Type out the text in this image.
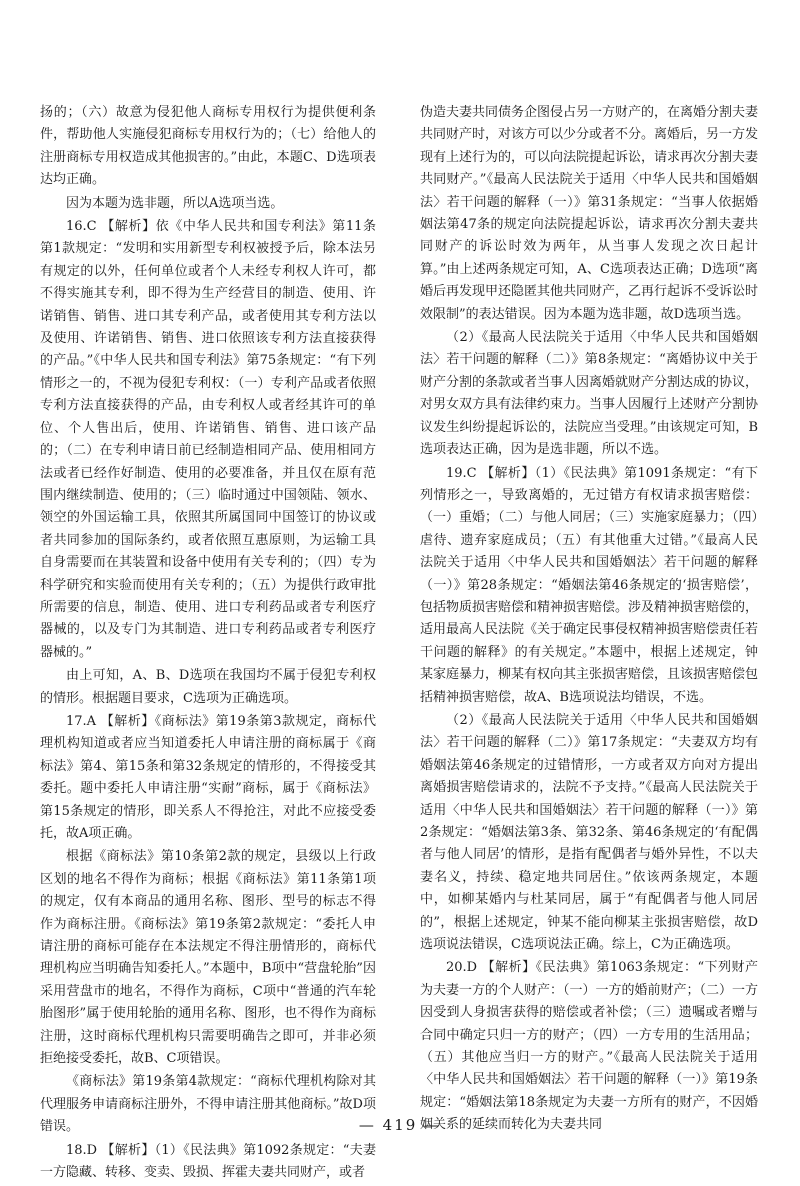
扬的；（六）故意为侵犯他人商标专用权行为提供便利条件，帮助他人实施侵犯商标专用权行为的；（七）给他人的注册商标专用权造成其他损害的。”由此，本题C、D选项表达均正确。

因为本题为选非题，所以A选项当选。

16.C 【解析】依《中华人民共和国专利法》第11条第1款规定：“发明和实用新型专利权被授予后，除本法另有规定的以外，任何单位或者个人未经专利权人许可，都不得实施其专利，即不得为生产经营目的制造、使用、许诺销售、销售、进口其专利产品，或者使用其专利方法以及使用、许诺销售、销售、进口依照该专利方法直接获得的产品。”《中华人民共和国专利法》第75条规定：“有下列情形之一的，不视为侵犯专利权：（一）专利产品或者依照专利方法直接获得的产品，由专利权人或者经其许可的单位、个人售出后，使用、许诺销售、销售、进口该产品的；（二）在专利申请日前已经制造相同产品、使用相同方法或者已经作好制造、使用的必要准备，并且仅在原有范围内继续制造、使用的；（三）临时通过中国领陆、领水、领空的外国运输工具，依照其所属国同中国签订的协议或者共同参加的国际条约，或者依照互惠原则，为运输工具自身需要而在其装置和设备中使用有关专利的；（四）专为科学研究和实验而使用有关专利的；（五）为提供行政审批所需要的信息，制造、使用、进口专利药品或者专利医疗器械的，以及专门为其制造、进口专利药品或者专利医疗器械的。”

由上可知，A、B、D选项在我国均不属于侵犯专利权的情形。根据题目要求，C选项为正确选项。

17.A 【解析】《商标法》第19条第3款规定，商标代理机构知道或者应当知道委托人申请注册的商标属于《商标法》第4、第15条和第32条规定的情形的，不得接受其委托。题中委托人申请注册“实耐”商标，属于《商标法》第15条规定的情形，即关系人不得抢注，对此不应接受委托，故A项正确。

根据《商标法》第10条第2款的规定，县级以上行政区划的地名不得作为商标；根据《商标法》第11条第1项的规定，仅有本商品的通用名称、图形、型号的标志不得作为商标注册。《商标法》第19条第2款规定：“委托人申请注册的商标可能存在本法规定不得注册情形的，商标代理机构应当明确告知委托人。”本题中，B项中“营盘轮胎”因采用营盘市的地名，不得作为商标，C项中“普通的汽车轮胎图形”属于使用轮胎的通用名称、图形，也不得作为商标注册，这时商标代理机构只需要明确告之即可，并非必须拒绝接受委托，故B、C项错误。

《商标法》第19条第4款规定：“商标代理机构除对其代理服务申请商标注册外，不得申请注册其他商标。”故D项错误。

18.D 【解析】（1）《民法典》第1092条规定：“夫妻一方隐藏、转移、变卖、毁损、挥霍夫妻共同财产，或者

伪造夫妻共同债务企图侵占另一方财产的，在离婚分割夫妻共同财产时，对该方可以少分或者不分。离婚后，另一方发现有上述行为的，可以向法院提起诉讼，请求再次分割夫妻共同财产。”《最高人民法院关于适用〈中华人民共和国婚姻法〉若干问题的解释（一）》第31条规定：“当事人依据婚姻法第47条的规定向法院提起诉讼，请求再次分割夫妻共同财产的诉讼时效为两年，从当事人发现之次日起计算。”由上述两条规定可知，A、C选项表达正确；D选项“离婚后再发现甲还隐匿其他共同财产，乙再行起诉不受诉讼时效限制”的表达错误。因为本题为选非题，故D选项当选。

（2）《最高人民法院关于适用〈中华人民共和国婚姻法〉若干问题的解释（二）》第8条规定：“离婚协议中关于财产分割的条款或者当事人因离婚就财产分割达成的协议，对男女双方具有法律约束力。当事人因履行上述财产分割协议发生纠纷提起诉讼的，法院应当受理。”由该规定可知，B选项表达正确，因为是选非题，所以不选。

19.C 【解析】（1）《民法典》第1091条规定：“有下列情形之一，导致离婚的，无过错方有权请求损害赔偿：（一）重婚；（二）与他人同居；（三）实施家庭暴力；（四）虐待、遗弃家庭成员；（五）有其他重大过错。”《最高人民法院关于适用〈中华人民共和国婚姻法〉若干问题的解释（一）》第28条规定：“婚姻法第46条规定的‘损害赔偿’，包括物质损害赔偿和精神损害赔偿。涉及精神损害赔偿的，适用最高人民法院《关于确定民事侵权精神损害赔偿责任若干问题的解释》的有关规定。”本题中，根据上述规定，钟某家庭暴力，柳某有权向其主张损害赔偿，且该损害赔偿包括精神损害赔偿，故A、B选项说法均错误，不选。

（2）《最高人民法院关于适用〈中华人民共和国婚姻法〉若干问题的解释（二）》第17条规定：“夫妻双方均有婚姻法第46条规定的过错情形，一方或者双方向对方提出离婚损害赔偿请求的，法院不予支持。”《最高人民法院关于适用〈中华人民共和国婚姻法〉若干问题的解释（一）》第2条规定：“婚姻法第3条、第32条、第46条规定的‘有配偶者与他人同居’的情形，是指有配偶者与婚外异性，不以夫妻名义，持续、稳定地共同居住。”依该两条规定，本题中，如柳某婚内与杜某同居，属于“有配偶者与他人同居的”，根据上述规定，钟某不能向柳某主张损害赔偿，故D选项说法错误，C选项说法正确。综上，C为正确选项。

20.D 【解析】《民法典》第1063条规定：“下列财产为夫妻一方的个人财产：（一）一方的婚前财产；（二）一方因受到人身损害获得的赔偿或者补偿；（三）遗嘱或者赠与合同中确定只归一方的财产；（四）一方专用的生活用品；（五）其他应当归一方的财产。”《最高人民法院关于适用〈中华人民共和国婚姻法〉若干问题的解释（一）》第19条规定：“婚姻法第18条规定为夫妻一方所有的财产，不因婚姻关系的延续而转化为夫妻共同

— 419 —
